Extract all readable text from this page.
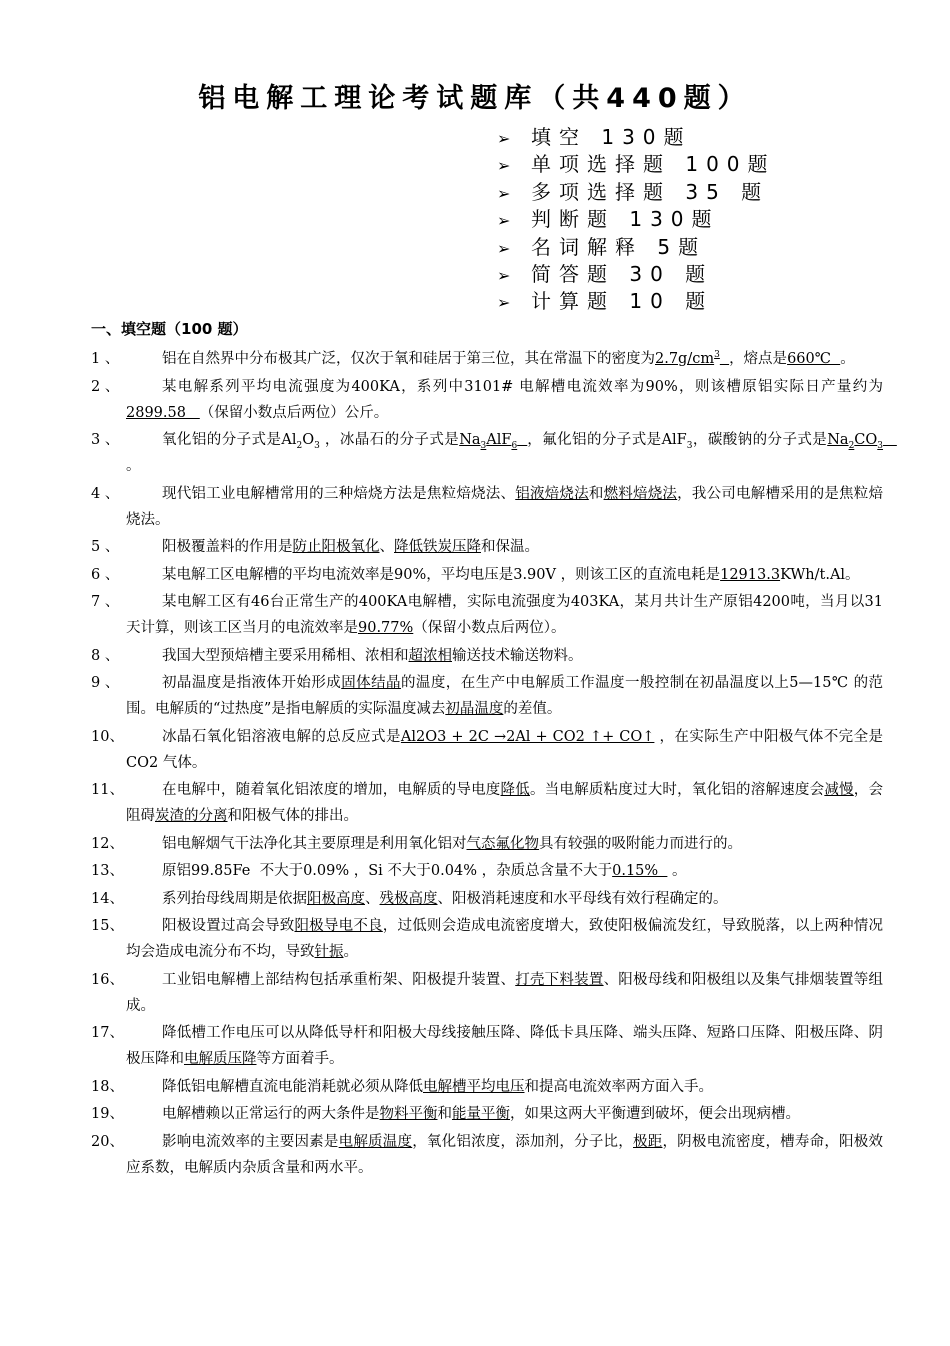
铝电解工理论考试题库（共440题）
➢ 填空 130题
➢ 单项选择题 100题
➢ 多项选择题 35 题
➢ 判断题 130题
➢ 名词解释 5题
➢ 简答题 30 题
➢ 计算题 10 题
一、填空题（100 题）
1 、	铝在自然界中分布极其广泛，仅次于氧和硅居于第三位，其在常温下的密度为$2.7g/cm^3$ ，熔点是660℃  。
2 、	某电解系列平均电流强度为400KA，系列中3101# 电解槽电流效率为90%，则该槽原铝实际日产量约为2899.58   （保留小数点后两位）公斤。
3 、	氧化铝的分子式是$Al_2O_3$ ，冰晶石的分子式是$Na_3AlF_6$ ，氟化铝的分子式是AlF$_3$，碳酸钠的分子式是$Na_2CO_3$    。
4 、	现代铝工业电解槽常用的三种焙烧方法是焦粒焙烧法、铝液焙烧法和燃料焙烧法，我公司电解槽采用的是焦粒焙烧法。
5 、	阳极覆盖料的作用是防止阳极氧化、降低铁炭压降和保温。
6 、	某电解工区电解槽的平均电流效率是90%，平均电压是3.90V ，则该工区的直流电耗是12913.3KWh/t.Al。
7 、	某电解工区有46台正常生产的400KA电解槽，实际电流强度为403KA，某月共计生产原铝4200吨，当月以31天计算，则该工区当月的电流效率是90.77%（保留小数点后两位）。
8 、	我国大型预焙槽主要采用稀相、浓相和超浓相输送技术输送物料。
9 、	初晶温度是指液体开始形成固体结晶的温度，在生产中电解质工作温度一般控制在初晶温度以上5—15℃ 的范围。电解质的“过热度”是指电解质的实际温度减去初晶温度的差值。
10、	冰晶石氧化铝溶液电解的总反应式是Al2O3 + 2C →2Al + CO2 ↑+ CO↑ ，在实际生产中阳极气体不完全是CO2 气体。
11、	在电解中，随着氧化铝浓度的增加，电解质的导电度降低。当电解质粘度过大时，氧化铝的溶解速度会减慢，会阻碍炭渣的分离和阳极气体的排出。
12、	铝电解烟气干法净化其主要原理是利用氧化铝对气态氟化物具有较强的吸附能力而进行的。
13、	原铝99.85Fe  不大于0.09% ，Si 不大于0.04% ，杂质总含量不大于0.15%   。
14、	系列抬母线周期是依据阳极高度、残极高度、阳极消耗速度和水平母线有效行程确定的。
15、	阳极设置过高会导致阳极导电不良，过低则会造成电流密度增大，致使阳极偏流发红，导致脱落，以上两种情况均会造成电流分布不均，导致针振。
16、	工业铝电解槽上部结构包括承重桁架、阳极提升装置、打壳下料装置、阳极母线和阳极组以及集气排烟装置等组成。
17、	降低槽工作电压可以从降低导杆和阳极大母线接触压降、降低卡具压降、端头压降、短路口压降、阳极压降、阴极压降和电解质压降等方面着手。
18、	降低铝电解槽直流电能消耗就必须从降低电解槽平均电压和提高电流效率两方面入手。
19、	电解槽赖以正常运行的两大条件是物料平衡和能量平衡，如果这两大平衡遭到破坏，便会出现病槽。
20、	影响电流效率的主要因素是电解质温度，氧化铝浓度，添加剂，分子比，极距，阴极电流密度，槽寿命，阳极效应系数，电解质内杂质含量和两水平。
